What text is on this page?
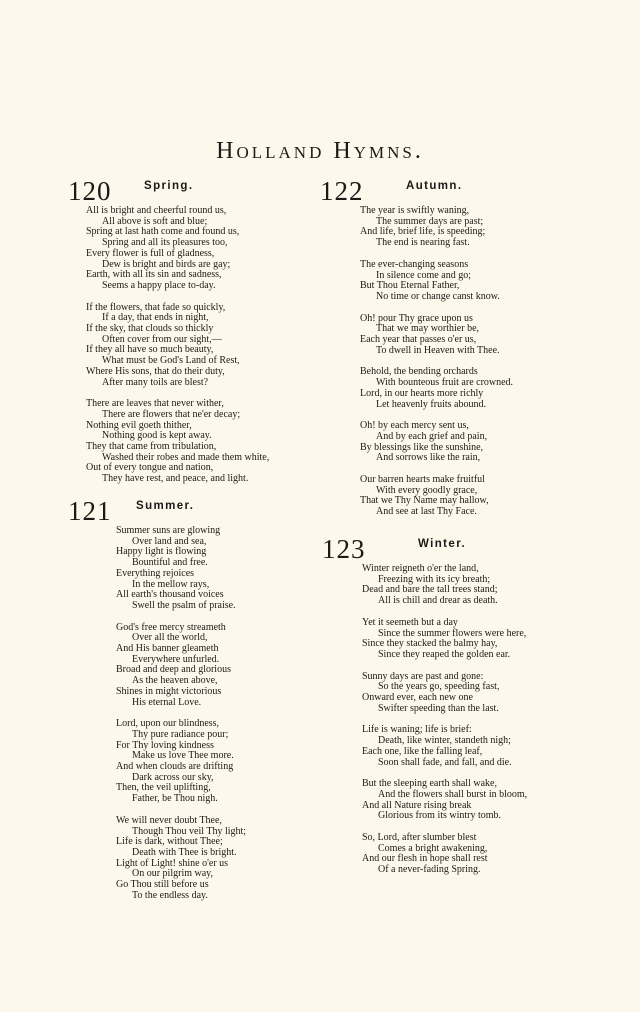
Holland Hymns.
120	Spring.
All is bright and cheerful round us,
All above is soft and blue;
Spring at last hath come and found us,
Spring and all its pleasures too,
Every flower is full of gladness,
Dew is bright and birds are gay;
Earth, with all its sin and sadness,
Seems a happy place to-day.
If the flowers, that fade so quickly,
If a day, that ends in night,
If the sky, that clouds so thickly
Often cover from our sight,—
If they all have so much beauty,
What must be God's Land of Rest,
Where His sons, that do their duty,
After many toils are blest?
There are leaves that never wither,
There are flowers that ne'er decay;
Nothing evil goeth thither,
Nothing good is kept away.
They that came from tribulation,
Washed their robes and made them white,
Out of every tongue and nation,
They have rest, and peace, and light.
121 Summer.
Summer suns are glowing
Over land and sea,
Happy light is flowing
Bountiful and free.
Everything rejoices
In the mellow rays,
All earth's thousand voices
Swell the psalm of praise.
God's free mercy streameth
Over all the world,
And His banner gleameth
Everywhere unfurled.
Broad and deep and glorious
As the heaven above,
Shines in might victorious
His eternal Love.
Lord, upon our blindness,
Thy pure radiance pour;
For Thy loving kindness
Make us love Thee more.
And when clouds are drifting
Dark across our sky,
Then, the veil uplifting,
Father, be Thou nigh.
We will never doubt Thee,
Though Thou veil Thy light;
Life is dark, without Thee;
Death with Thee is bright.
Light of Light! shine o'er us
On our pilgrim way,
Go Thou still before us
To the endless day.
122	Autumn.
The year is swiftly waning,
The summer days are past;
And life, brief life, is speeding;
The end is nearing fast.
The ever-changing seasons
In silence come and go;
But Thou Eternal Father,
No time or change canst know.
Oh! pour Thy grace upon us
That we may worthier be,
Each year that passes o'er us,
To dwell in Heaven with Thee.
Behold, the bending orchards
With bounteous fruit are crowned.
Lord, in our hearts more richly
Let heavenly fruits abound.
Oh! by each mercy sent us,
And by each grief and pain,
By blessings like the sunshine,
And sorrows like the rain,
Our barren hearts make fruitful
With every goodly grace,
That we Thy Name may hallow,
And see at last Thy Face.
123	Winter.
Winter reigneth o'er the land,
Freezing with its icy breath;
Dead and bare the tall trees stand;
All is chill and drear as death.
Yet it seemeth but a day
Since the summer flowers were here,
Since they stacked the balmy hay,
Since they reaped the golden ear.
Sunny days are past and gone:
So the years go, speeding fast,
Onward ever, each new one
Swifter speeding than the last.
Life is waning; life is brief:
Death, like winter, standeth nigh;
Each one, like the falling leaf,
Soon shall fade, and fall, and die.
But the sleeping earth shall wake,
And the flowers shall burst in bloom,
And all Nature rising break
Glorious from its wintry tomb.
So, Lord, after slumber blest
Comes a bright awakening,
And our flesh in hope shall rest
Of a never-fading Spring.
